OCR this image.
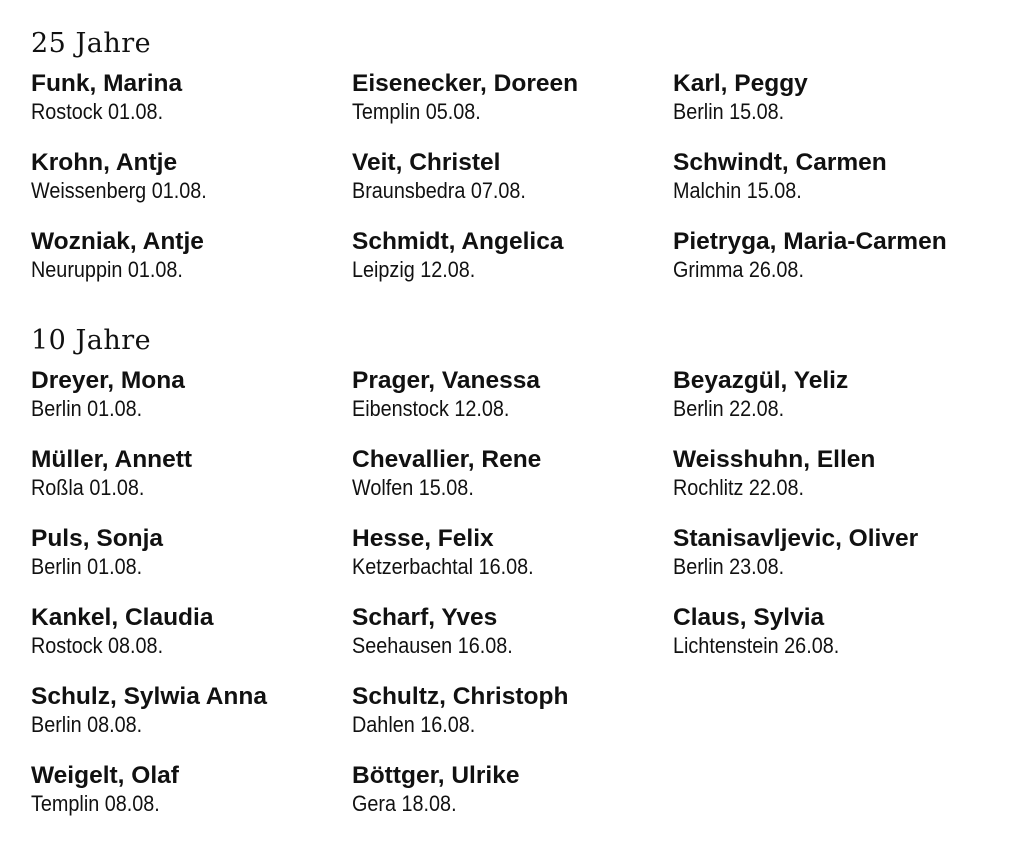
25 Jahre
Funk, Marina
Rostock 01.08.
Krohn, Antje
Weissenberg 01.08.
Wozniak, Antje
Neuruppin 01.08.
Eisenecker, Doreen
Templin 05.08.
Veit, Christel
Braunsbedra 07.08.
Schmidt, Angelica
Leipzig 12.08.
Karl, Peggy
Berlin 15.08.
Schwindt, Carmen
Malchin 15.08.
Pietryga, Maria-Carmen
Grimma 26.08.
10 Jahre
Dreyer, Mona
Berlin 01.08.
Müller, Annett
Roßla 01.08.
Puls, Sonja
Berlin 01.08.
Kankel, Claudia
Rostock 08.08.
Schulz, Sylwia Anna
Berlin 08.08.
Weigelt, Olaf
Templin 08.08.
Prager, Vanessa
Eibenstock 12.08.
Chevallier, Rene
Wolfen 15.08.
Hesse, Felix
Ketzerbachtal 16.08.
Scharf, Yves
Seehausen 16.08.
Schultz, Christoph
Dahlen 16.08.
Böttger, Ulrike
Gera 18.08.
Beyazgül, Yeliz
Berlin 22.08.
Weisshuhn, Ellen
Rochlitz 22.08.
Stanisavljevic, Oliver
Berlin 23.08.
Claus, Sylvia
Lichtenstein 26.08.
